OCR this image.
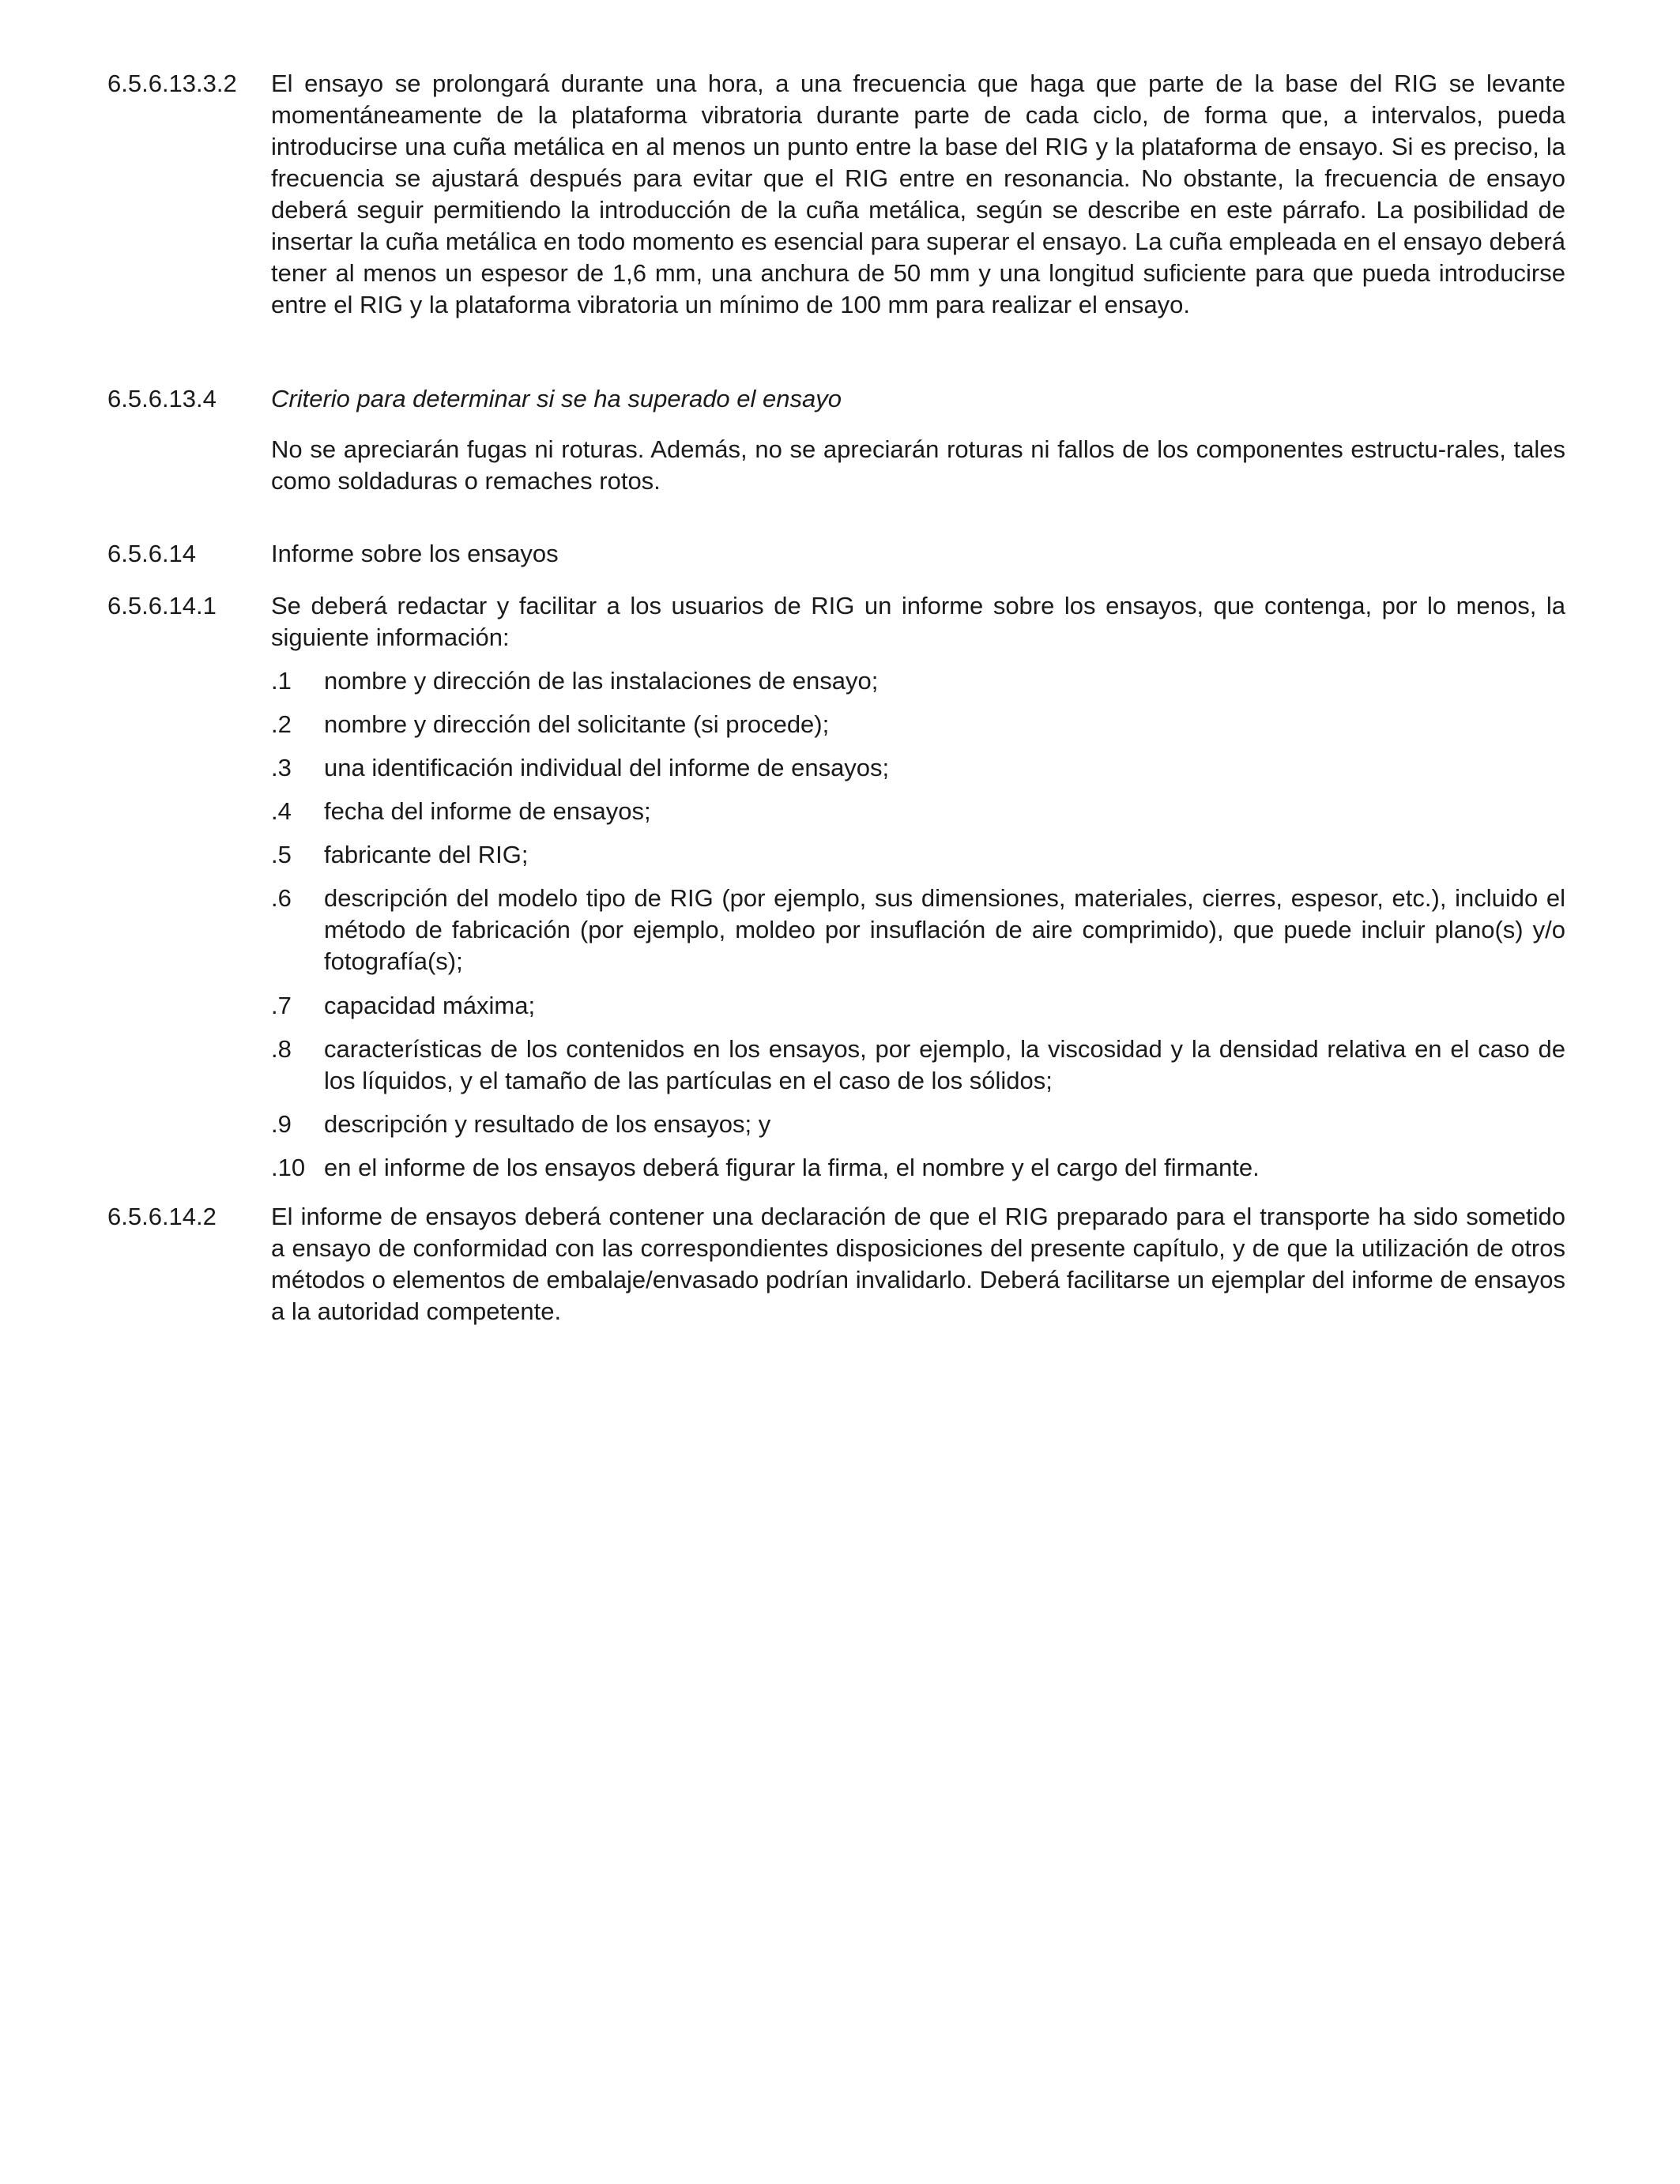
6.5.6.13.3.2 El ensayo se prolongará durante una hora, a una frecuencia que haga que parte de la base del RIG se levante momentáneamente de la plataforma vibratoria durante parte de cada ciclo, de forma que, a intervalos, pueda introducirse una cuña metálica en al menos un punto entre la base del RIG y la plataforma de ensayo. Si es preciso, la frecuencia se ajustará después para evitar que el RIG entre en resonancia. No obstante, la frecuencia de ensayo deberá seguir permitiendo la introducción de la cuña metálica, según se describe en este párrafo. La posibilidad de insertar la cuña metálica en todo momento es esencial para superar el ensayo. La cuña empleada en el ensayo deberá tener al menos un espesor de 1,6 mm, una anchura de 50 mm y una longitud suficiente para que pueda introducirse entre el RIG y la plataforma vibratoria un mínimo de 100 mm para realizar el ensayo.
6.5.6.13.4 Criterio para determinar si se ha superado el ensayo
No se apreciarán fugas ni roturas. Además, no se apreciarán roturas ni fallos de los componentes estructu-rales, tales como soldaduras o remaches rotos.
6.5.6.14	Informe sobre los ensayos
6.5.6.14.1 Se deberá redactar y facilitar a los usuarios de RIG un informe sobre los ensayos, que contenga, por lo menos, la siguiente información:
.1 nombre y dirección de las instalaciones de ensayo;
.2 nombre y dirección del solicitante (si procede);
.3 una identificación individual del informe de ensayos;
.4 fecha del informe de ensayos;
.5 fabricante del RIG;
.6 descripción del modelo tipo de RIG (por ejemplo, sus dimensiones, materiales, cierres, espesor, etc.), incluido el método de fabricación (por ejemplo, moldeo por insuflación de aire comprimido), que puede incluir plano(s) y/o fotografía(s);
.7 capacidad máxima;
.8 características de los contenidos en los ensayos, por ejemplo, la viscosidad y la densidad relativa en el caso de los líquidos, y el tamaño de las partículas en el caso de los sólidos;
.9 descripción y resultado de los ensayos; y
.10 en el informe de los ensayos deberá figurar la firma, el nombre y el cargo del firmante.
6.5.6.14.2 El informe de ensayos deberá contener una declaración de que el RIG preparado para el transporte ha sido sometido a ensayo de conformidad con las correspondientes disposiciones del presente capítulo, y de que la utilización de otros métodos o elementos de embalaje/envasado podrían invalidarlo. Deberá facilitarse un ejemplar del informe de ensayos a la autoridad competente.
